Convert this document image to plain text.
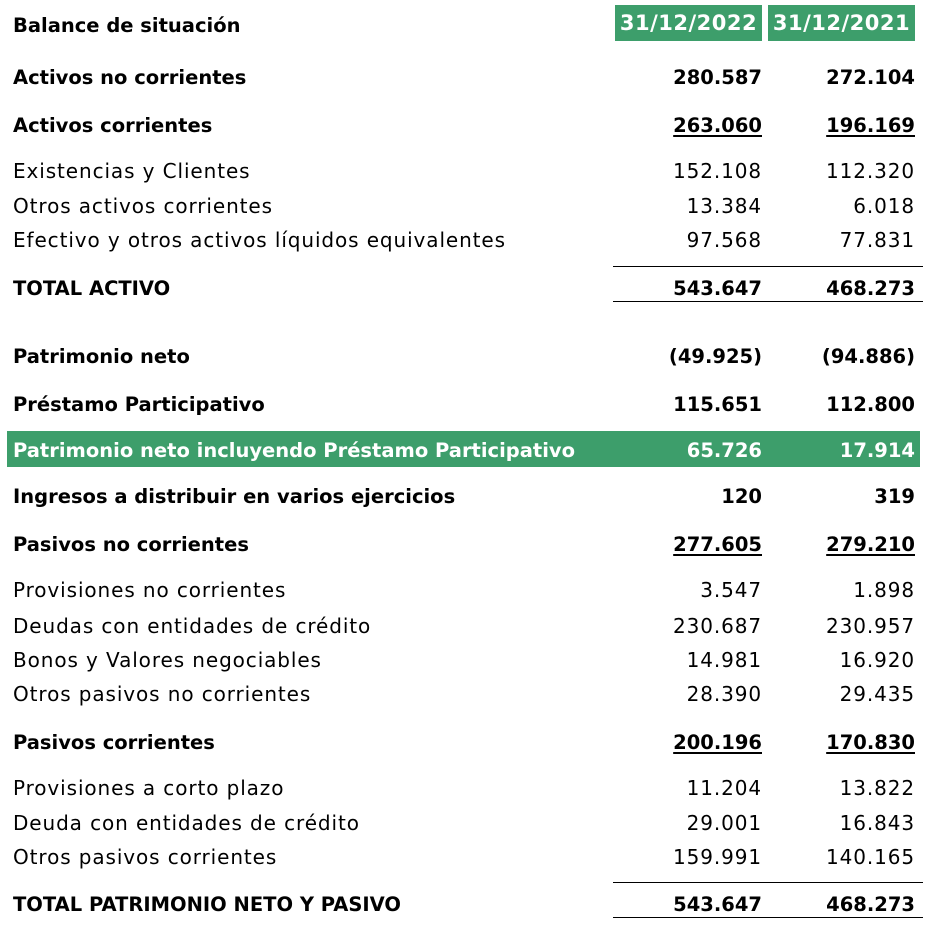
Balance de situación	31/12/2022 31/12/2021
Activos no corrientes	280.587	272.104
Activos corrientes	263.060	196.169
Existencias y Clientes	152.108	112.320
Otros activos corrientes	13.384	6.018
Efectivo y otros activos líquidos equivalentes	97.568	77.831
TOTAL ACTIVO	543.647	468.273
Patrimonio neto	(49.925)	(94.886)
Préstamo Participativo	115.651	112.800
Patrimonio neto incluyendo Préstamo Participativo	65.726	17.914
Ingresos a distribuir en varios ejercicios	120	319
Pasivos no corrientes	277.605	279.210
Provisiones no corrientes	3.547	1.898
Deudas con entidades de crédito	230.687	230.957
Bonos y Valores negociables	14.981	16.920
Otros pasivos no corrientes	28.390	29.435
Pasivos corrientes	200.196	170.830
Provisiones a corto plazo	11.204	13.822
Deuda con entidades de crédito	29.001	16.843
Otros pasivos corrientes	159.991	140.165
TOTAL PATRIMONIO NETO Y PASIVO	543.647	468.273
